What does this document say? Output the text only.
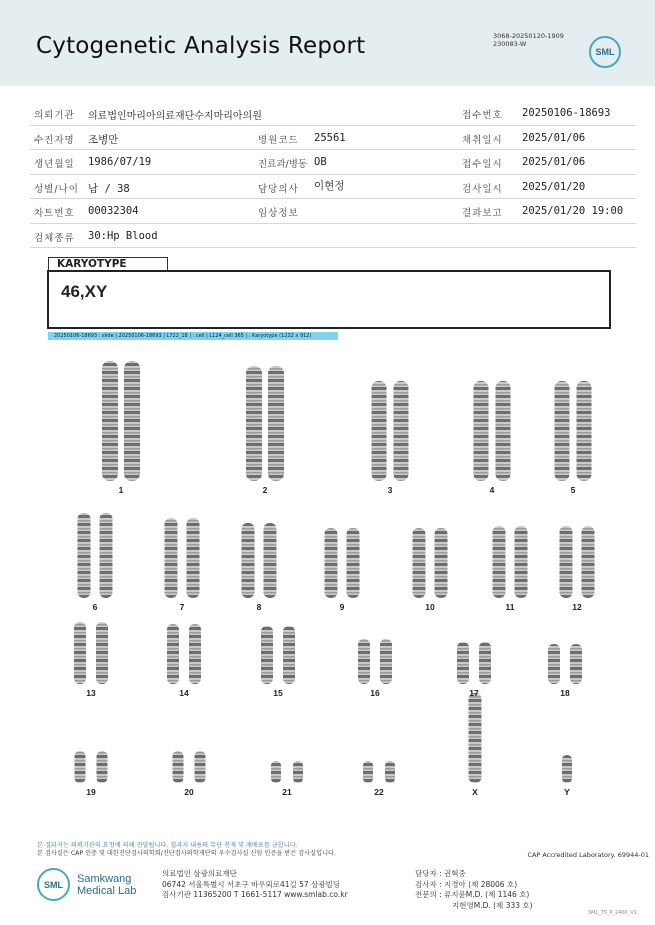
Cytogenetic Analysis Report	3068-20250120-1909
230083-W
SML
의뢰기관 의료법인마리아의료재단수지마리아의원	접수번호 20250106-18693
수진자명 조병만	병원코드 25561	채취일시 2025/01/06
생년월일 1986/07/19	진료과/병동 OB	접수일시 2025/01/06
성별/나이 남 / 38	담당의사 이현정	검사일시 2025/01/20
차트번호 00032304	임상정보	결과보고 2025/01/20 19:00
검체종류 30:Hp Blood
KARYOTYPE
46,XY
20250106-18693 : slide | 20250106-18693 | L722_18 | : cell | L124_cell 365 | : Karyotype (1232 x 912)
1	2	3	4	5
6	7	8	9	10	11	12
13	14	15	16	17	18
19	20	21	22	X	Y
본 결과지는 의뢰기관의 요청에 의해 전달됩니다. 결과지 내용의 무단 전재 및 재배포를 금합니다.
본 검사실은 CAP 인증 및 대한진단검사의학회/진단검사의학재단의 우수검사실 신임 인증을 받은 검사실입니다.	CAP Accredited Laboratory. 69944-01
SML Samkwang
Medical Lab
의료법인 삼광의료재단
06742 서울특별시 서초구 바우뫼로41길 57 삼광빌딩
검사기관 11365200 T 1661-5117 www.smlab.co.kr
담당자 : 권혁중
검사자 : 지경아 (제 28006 호)
전문의 : 류지윤M.D. (제 1146 호)
지현영M.D. (제 333 호)
SML_TS_P_2400_V1
